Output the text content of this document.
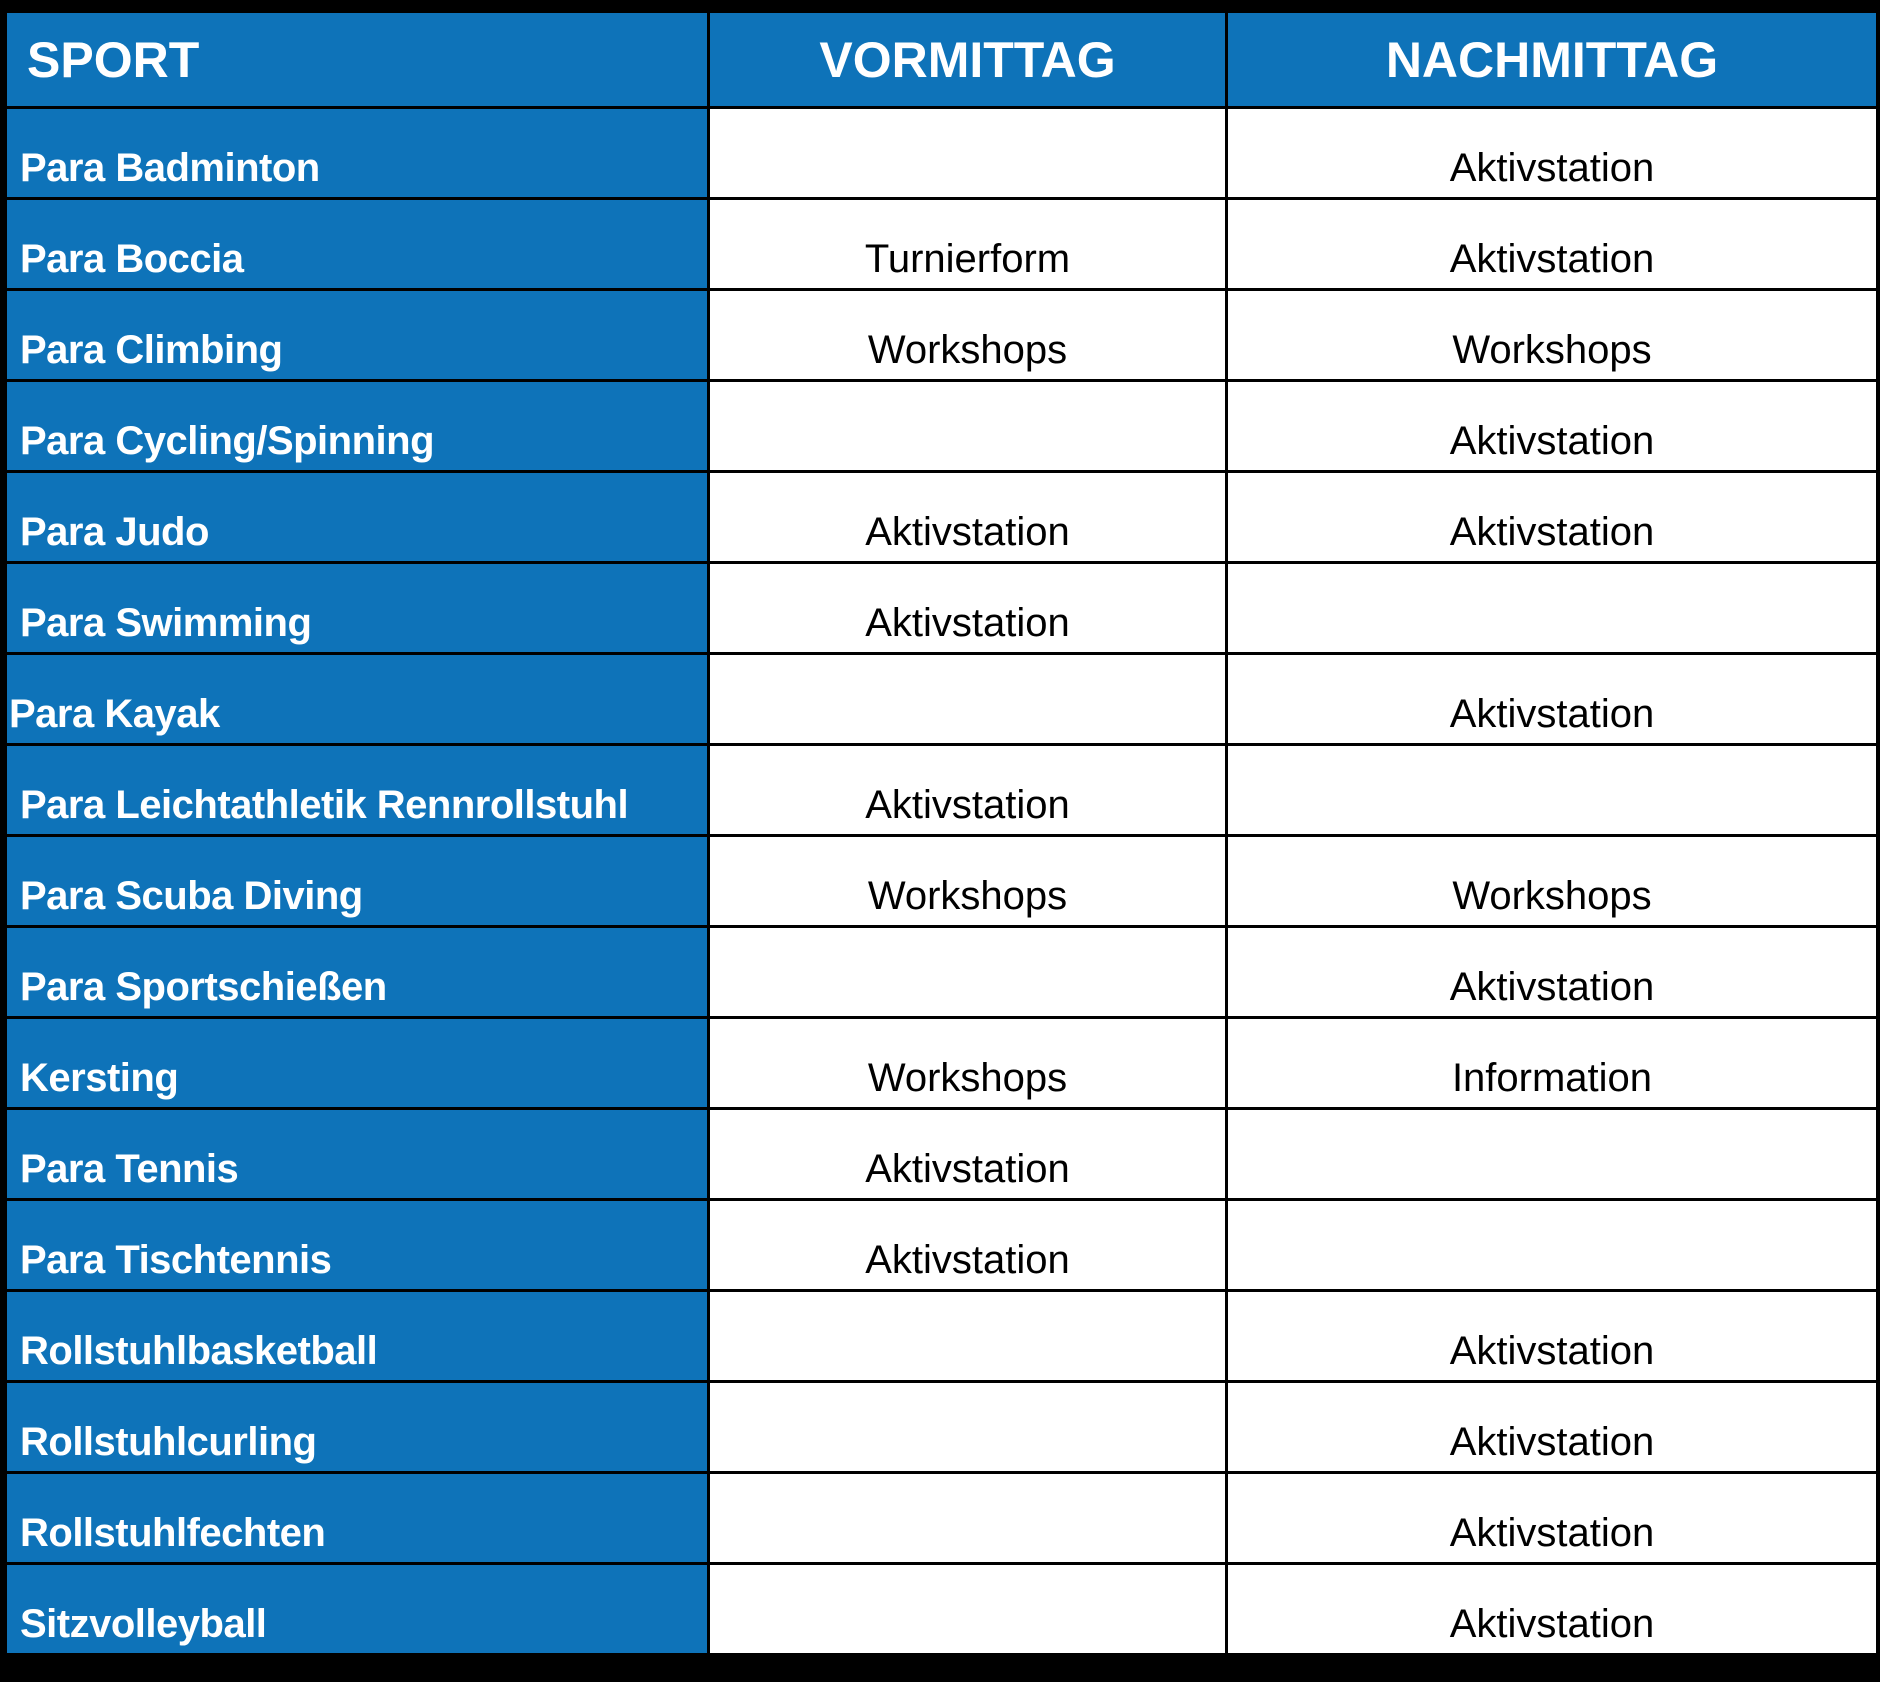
SPORT	VORMITTAG	NACHMITTAG
Para Badminton		Aktivstation
Para Boccia	Turnierform	Aktivstation
Para Climbing	Workshops	Workshops
Para Cycling/Spinning		Aktivstation
Para Judo	Aktivstation	Aktivstation
Para Swimming	Aktivstation	
Para Kayak		Aktivstation
Para Leichtathletik Rennrollstuhl	Aktivstation	
Para Scuba Diving	Workshops	Workshops
Para Sportschießen		Aktivstation
Kersting	Workshops	Information
Para Tennis	Aktivstation	
Para Tischtennis	Aktivstation	
Rollstuhlbasketball		Aktivstation
Rollstuhlcurling		Aktivstation
Rollstuhlfechten		Aktivstation
Sitzvolleyball		Aktivstation
